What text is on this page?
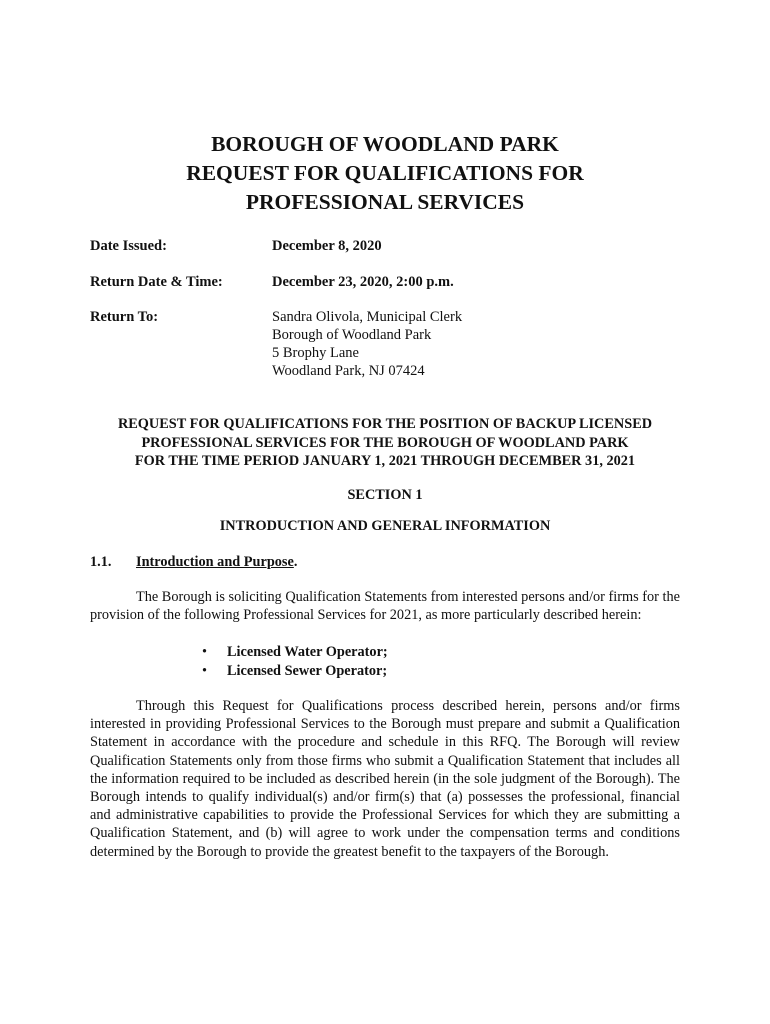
BOROUGH OF WOODLAND PARK
REQUEST FOR QUALIFICATIONS FOR
PROFESSIONAL SERVICES
Date Issued:	December 8, 2020
Return Date & Time:	December 23, 2020, 2:00 p.m.
Return To:	Sandra Olivola, Municipal Clerk
Borough of Woodland Park
5 Brophy Lane
Woodland Park, NJ 07424
REQUEST FOR QUALIFICATIONS FOR THE POSITION OF BACKUP LICENSED
PROFESSIONAL SERVICES FOR THE BOROUGH OF WOODLAND PARK
FOR THE TIME PERIOD JANUARY 1, 2021 THROUGH DECEMBER 31, 2021
SECTION 1
INTRODUCTION AND GENERAL INFORMATION
1.1. Introduction and Purpose.
The Borough is soliciting Qualification Statements from interested persons and/or firms for the provision of the following Professional Services for 2021, as more particularly described herein:
• Licensed Water Operator;
• Licensed Sewer Operator;
Through this Request for Qualifications process described herein, persons and/or firms interested in providing Professional Services to the Borough must prepare and submit a Qualification Statement in accordance with the procedure and schedule in this RFQ. The Borough will review Qualification Statements only from those firms who submit a Qualification Statement that includes all the information required to be included as described herein (in the sole judgment of the Borough). The Borough intends to qualify individual(s) and/or firm(s) that (a) possesses the professional, financial and administrative capabilities to provide the Professional Services for which they are submitting a Qualification Statement, and (b) will agree to work under the compensation terms and conditions determined by the Borough to provide the greatest benefit to the taxpayers of the Borough.
